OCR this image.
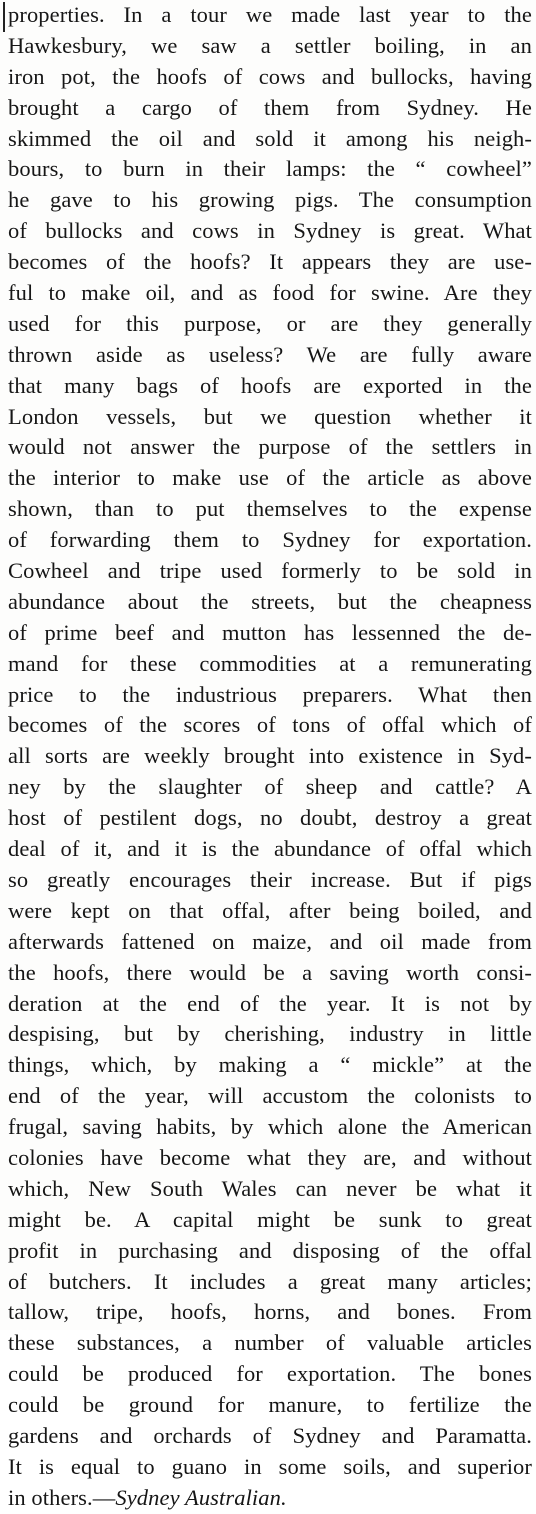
properties. In a tour we made last year to the
Hawkesbury, we saw a settler boiling, in an
iron pot, the hoofs of cows and bullocks, having
brought a cargo of them from Sydney. He
skimmed the oil and sold it among his neigh-
bours, to burn in their lamps: the “ cowheel”
he gave to his growing pigs. The consumption
of bullocks and cows in Sydney is great. What
becomes of the hoofs? It appears they are use-
ful to make oil, and as food for swine. Are they
used for this purpose, or are they generally
thrown aside as useless? We are fully aware
that many bags of hoofs are exported in the
London vessels, but we question whether it
would not answer the purpose of the settlers in
the interior to make use of the article as above
shown, than to put themselves to the expense
of forwarding them to Sydney for exportation.
Cowheel and tripe used formerly to be sold in
abundance about the streets, but the cheapness
of prime beef and mutton has lessenned the de-
mand for these commodities at a remunerating
price to the industrious preparers. What then
becomes of the scores of tons of offal which of
all sorts are weekly brought into existence in Syd-
ney by the slaughter of sheep and cattle? A
host of pestilent dogs, no doubt, destroy a great
deal of it, and it is the abundance of offal which
so greatly encourages their increase. But if pigs
were kept on that offal, after being boiled, and
afterwards fattened on maize, and oil made from
the hoofs, there would be a saving worth consi-
deration at the end of the year. It is not by
despising, but by cherishing, industry in little
things, which, by making a “ mickle” at the
end of the year, will accustom the colonists to
frugal, saving habits, by which alone the American
colonies have become what they are, and without
which, New South Wales can never be what it
might be. A capital might be sunk to great
profit in purchasing and disposing of the offal
of butchers. It includes a great many articles;
tallow, tripe, hoofs, horns, and bones. From
these substances, a number of valuable articles
could be produced for exportation. The bones
could be ground for manure, to fertilize the
gardens and orchards of Sydney and Paramatta.
It is equal to guano in some soils, and superior
in others.—Sydney Australian.
